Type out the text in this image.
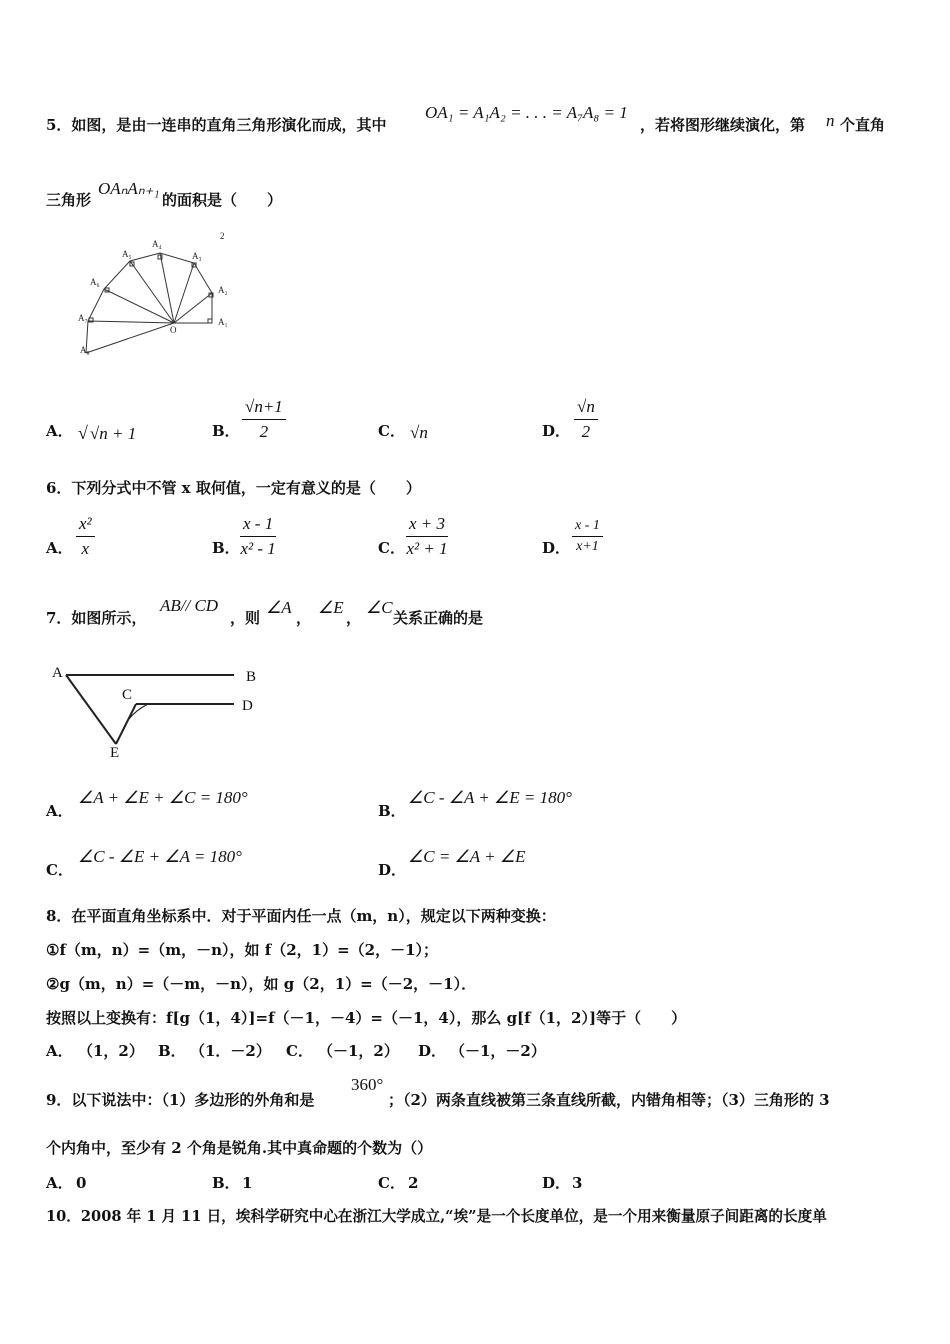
5．如图，是由一连串的直角三角形演化而成，其中
OA₁ = A₁A₂ = . . . = A₇A₈ = 1
，若将图形继续演化，第 n 个直角
三角形
OAₙAₙ₊₁
的面积是（　　）
2
A₅
A₄
A₃
A₆
A₂
A₇
O
A₁
A₈
A． √ √n + 1	B． $\frac{√n+1}{2}$	C． √n	D． $\frac{√n}{2}$
6．下列分式中不管 x 取何值，一定有意义的是（　　）
A． $\frac{\text{x²}}{x}$	B． $\frac{x - 1}{\text{x² - 1}}$	C． $\frac{x + 3}{\text{x² + 1}}$	D． $\frac{x - 1}{x+1}$
7．如图所示，
AB// CD
，则
∠A
，
∠E
，
∠C
关系正确的是
A	B
C
D
E
A．
∠A + ∠E + ∠C = 180°
B．
∠C - ∠A + ∠E = 180°
C．
∠C - ∠E + ∠A = 180°
D．
∠C = ∠A + ∠E
8．在平面直角坐标系中．对于平面内任一点（m，n），规定以下两种变换：
①f（m，n）=（m，－n），如 f（2，1）=（2，－1）；
②g（m，n）=（－m，－n），如 g（2，1）=（－2，－1）．
按照以上变换有：f[g（1，4）]=f（－1，－4）=（－1，4），那么 g[f（1，2）]等于（　　）
A． （1，2） B． （1．－2） C． （－1，2） D． （－1，－2）
9．以下说法中：（1）多边形的外角和是
360°
；（2）两条直线被第三条直线所截，内错角相等；（3）三角形的 3
个内角中，至少有 2 个角是锐角.其中真命题的个数为（）
A． 0	B． 1	C． 2	D． 3
10．2008 年 1 月 11 日，埃科学研究中心在浙江大学成立,“埃”是一个长度单位，是一个用来衡量原子间距离的长度单
